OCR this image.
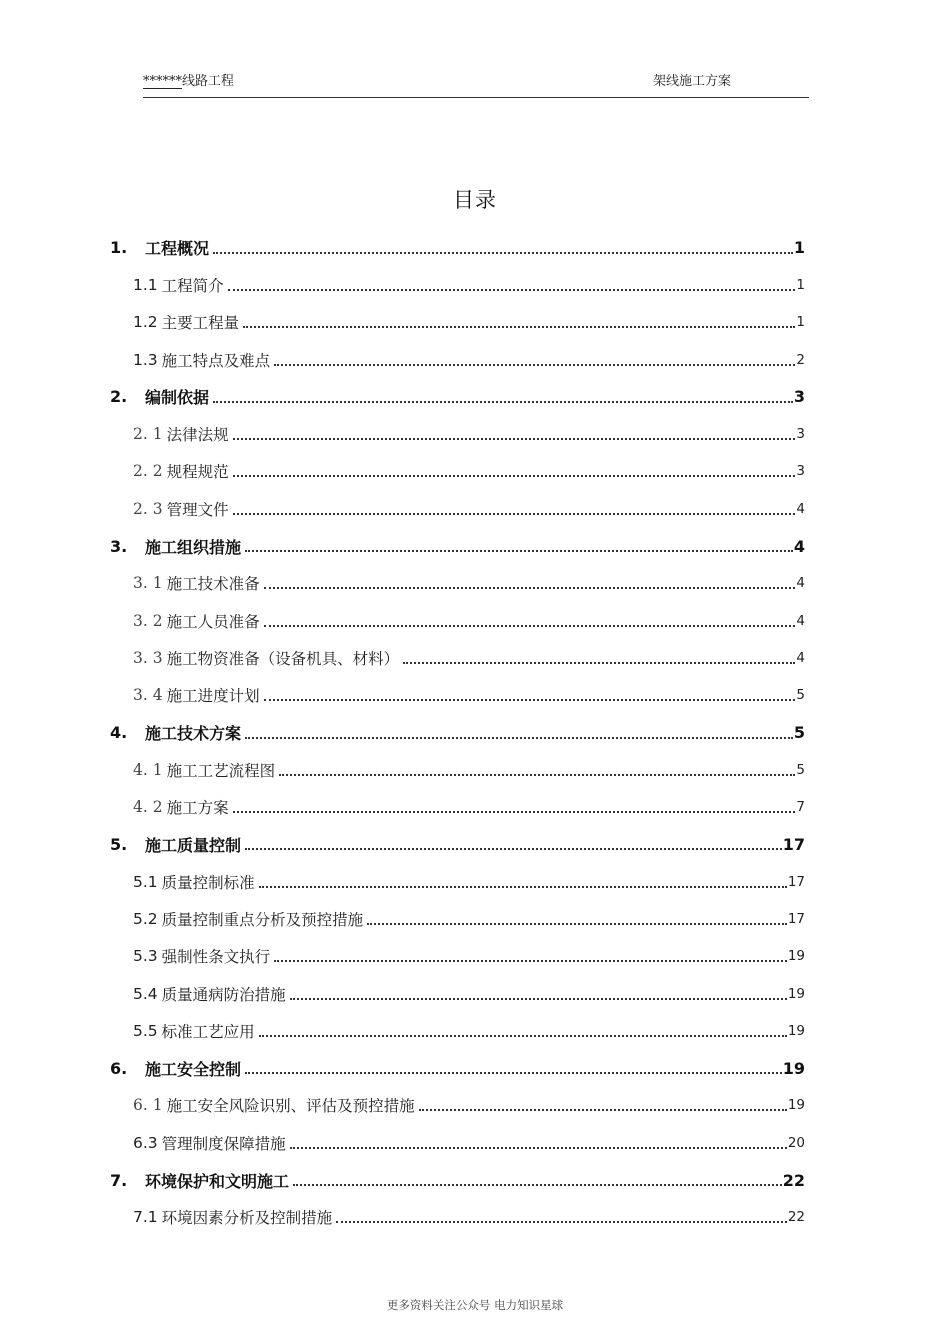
******线路工程	架线施工方案
目录
1.	工程概况	1
1.1 工程简介	1
1.2 主要工程量	1
1.3 施工特点及难点	2
2.	编制依据	3
2. 1 法律法规	3
2. 2 规程规范	3
2. 3 管理文件	4
3.	施工组织措施	4
3. 1 施工技术准备	4
3. 2 施工人员准备	4
3. 3 施工物资准备（设备机具、材料）	4
3. 4 施工进度计划	5
4.	施工技术方案	5
4. 1 施工工艺流程图	5
4. 2 施工方案	7
5.	施工质量控制	17
5.1 质量控制标准	17
5.2 质量控制重点分析及预控措施	17
5.3 强制性条文执行	19
5.4 质量通病防治措施	19
5.5 标准工艺应用	19
6.	施工安全控制	19
6. 1 施工安全风险识别、评估及预控措施	19
6.3 管理制度保障措施	20
7.	环境保护和文明施工	22
7.1 环境因素分析及控制措施	22
更多资料关注公众号 电力知识星球
